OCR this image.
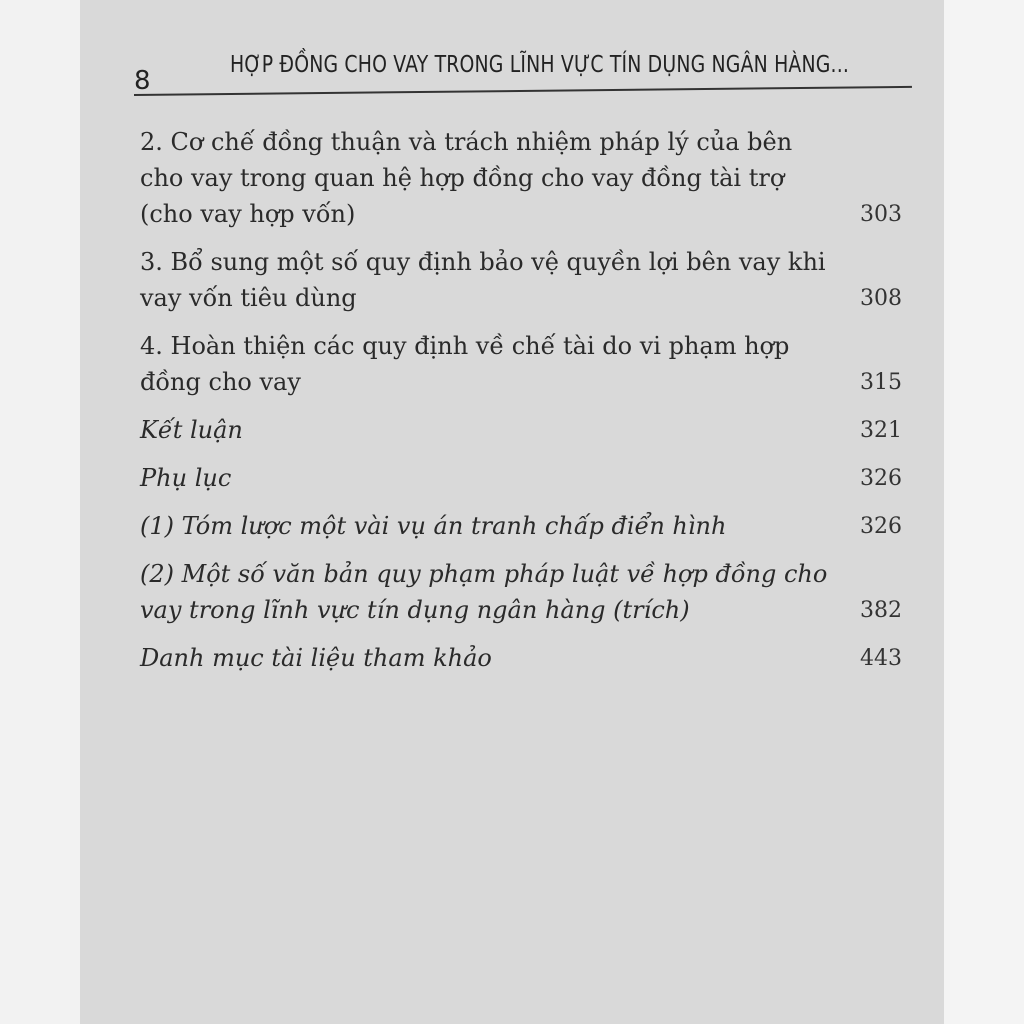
8
HỢP ĐỒNG CHO VAY TRONG LĨNH VỰC TÍN DỤNG NGÂN HÀNG...
2. Cơ chế đồng thuận và trách nhiệm pháp lý của bên cho vay trong quan hệ hợp đồng cho vay đồng tài trợ (cho vay hợp vốn)	303
3. Bổ sung một số quy định bảo vệ quyền lợi bên vay khi vay vốn tiêu dùng	308
4. Hoàn thiện các quy định về chế tài do vi phạm hợp đồng cho vay	315
Kết luận	321
Phụ lục	326
(1) Tóm lược một vài vụ án tranh chấp điển hình	326
(2) Một số văn bản quy phạm pháp luật về hợp đồng cho vay trong lĩnh vực tín dụng ngân hàng (trích)	382
Danh mục tài liệu tham khảo	443
